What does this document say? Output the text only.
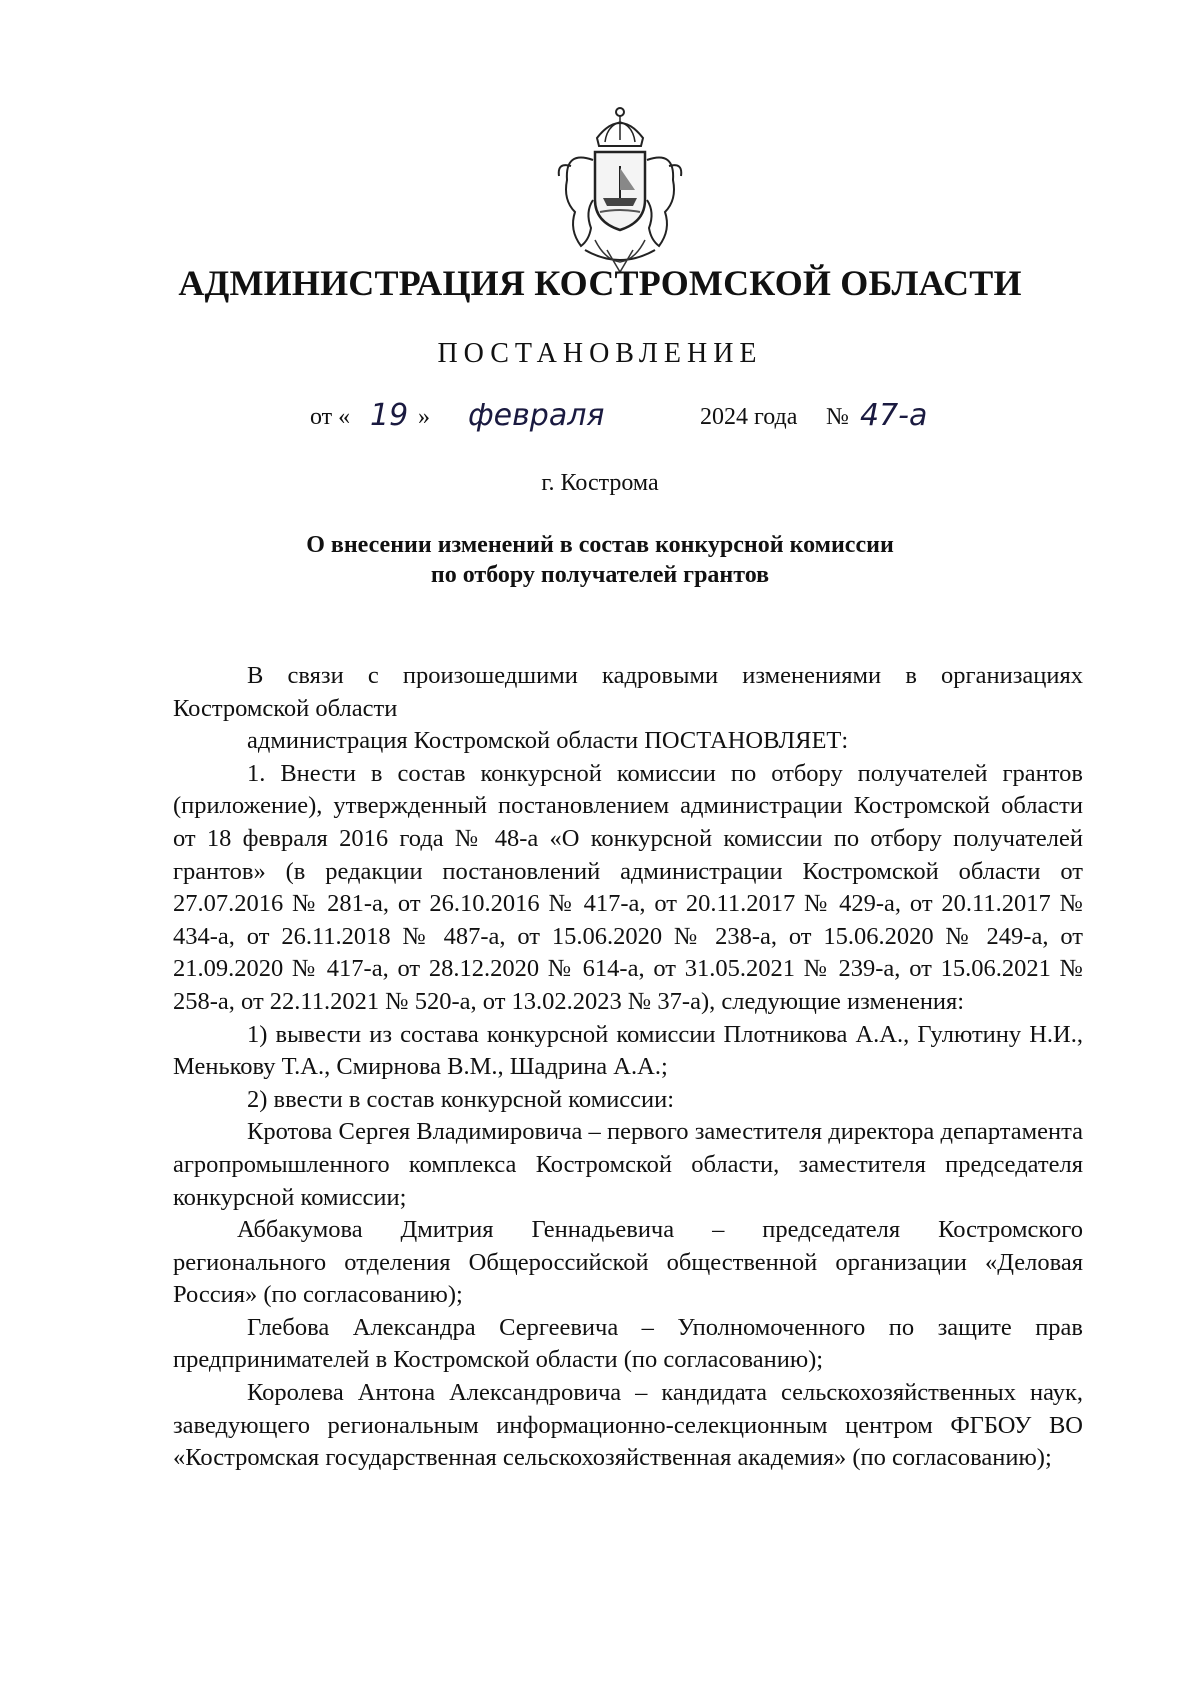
АДМИНИСТРАЦИЯ КОСТРОМСКОЙ ОБЛАСТИ
ПОСТАНОВЛЕНИЕ
от « 19 » февраля	2024 года № 47-а
г. Кострома
О внесении изменений в состав конкурсной комиссии
по отбору получателей грантов

В связи с произошедшими кадровыми изменениями в организациях Костромской области

администрация Костромской области ПОСТАНОВЛЯЕТ:

1. Внести в состав конкурсной комиссии по отбору получателей грантов (приложение), утвержденный постановлением администрации Костромской области от 18 февраля 2016 года № 48-а «О конкурсной комиссии по отбору получателей грантов» (в редакции постановлений администрации Костромской области от 27.07.2016 № 281-а, от 26.10.2016 № 417-а, от 20.11.2017 № 429-а, от 20.11.2017 № 434-а, от 26.11.2018 № 487-а, от 15.06.2020 № 238-а, от 15.06.2020 № 249-а, от 21.09.2020 № 417-а, от 28.12.2020 № 614-а, от 31.05.2021 № 239-а, от 15.06.2021 № 258-а, от 22.11.2021 № 520-а, от 13.02.2023 № 37-а), следующие изменения:

1) вывести из состава конкурсной комиссии Плотникова А.А., Гулютину Н.И., Менькову Т.А., Смирнова В.М., Шадрина А.А.;

2) ввести в состав конкурсной комиссии:

Кротова Сергея Владимировича – первого заместителя директора департамента агропромышленного комплекса Костромской области, заместителя председателя конкурсной комиссии;

Аббакумова Дмитрия Геннадьевича – председателя Костромского регионального отделения Общероссийской общественной организации «Деловая Россия» (по согласованию);

Глебова Александра Сергеевича – Уполномоченного по защите прав предпринимателей в Костромской области (по согласованию);

Королева Антона Александровича – кандидата сельскохозяйственных наук, заведующего региональным информационно-селекционным центром ФГБОУ ВО «Костромская государственная сельскохозяйственная академия» (по согласованию);
